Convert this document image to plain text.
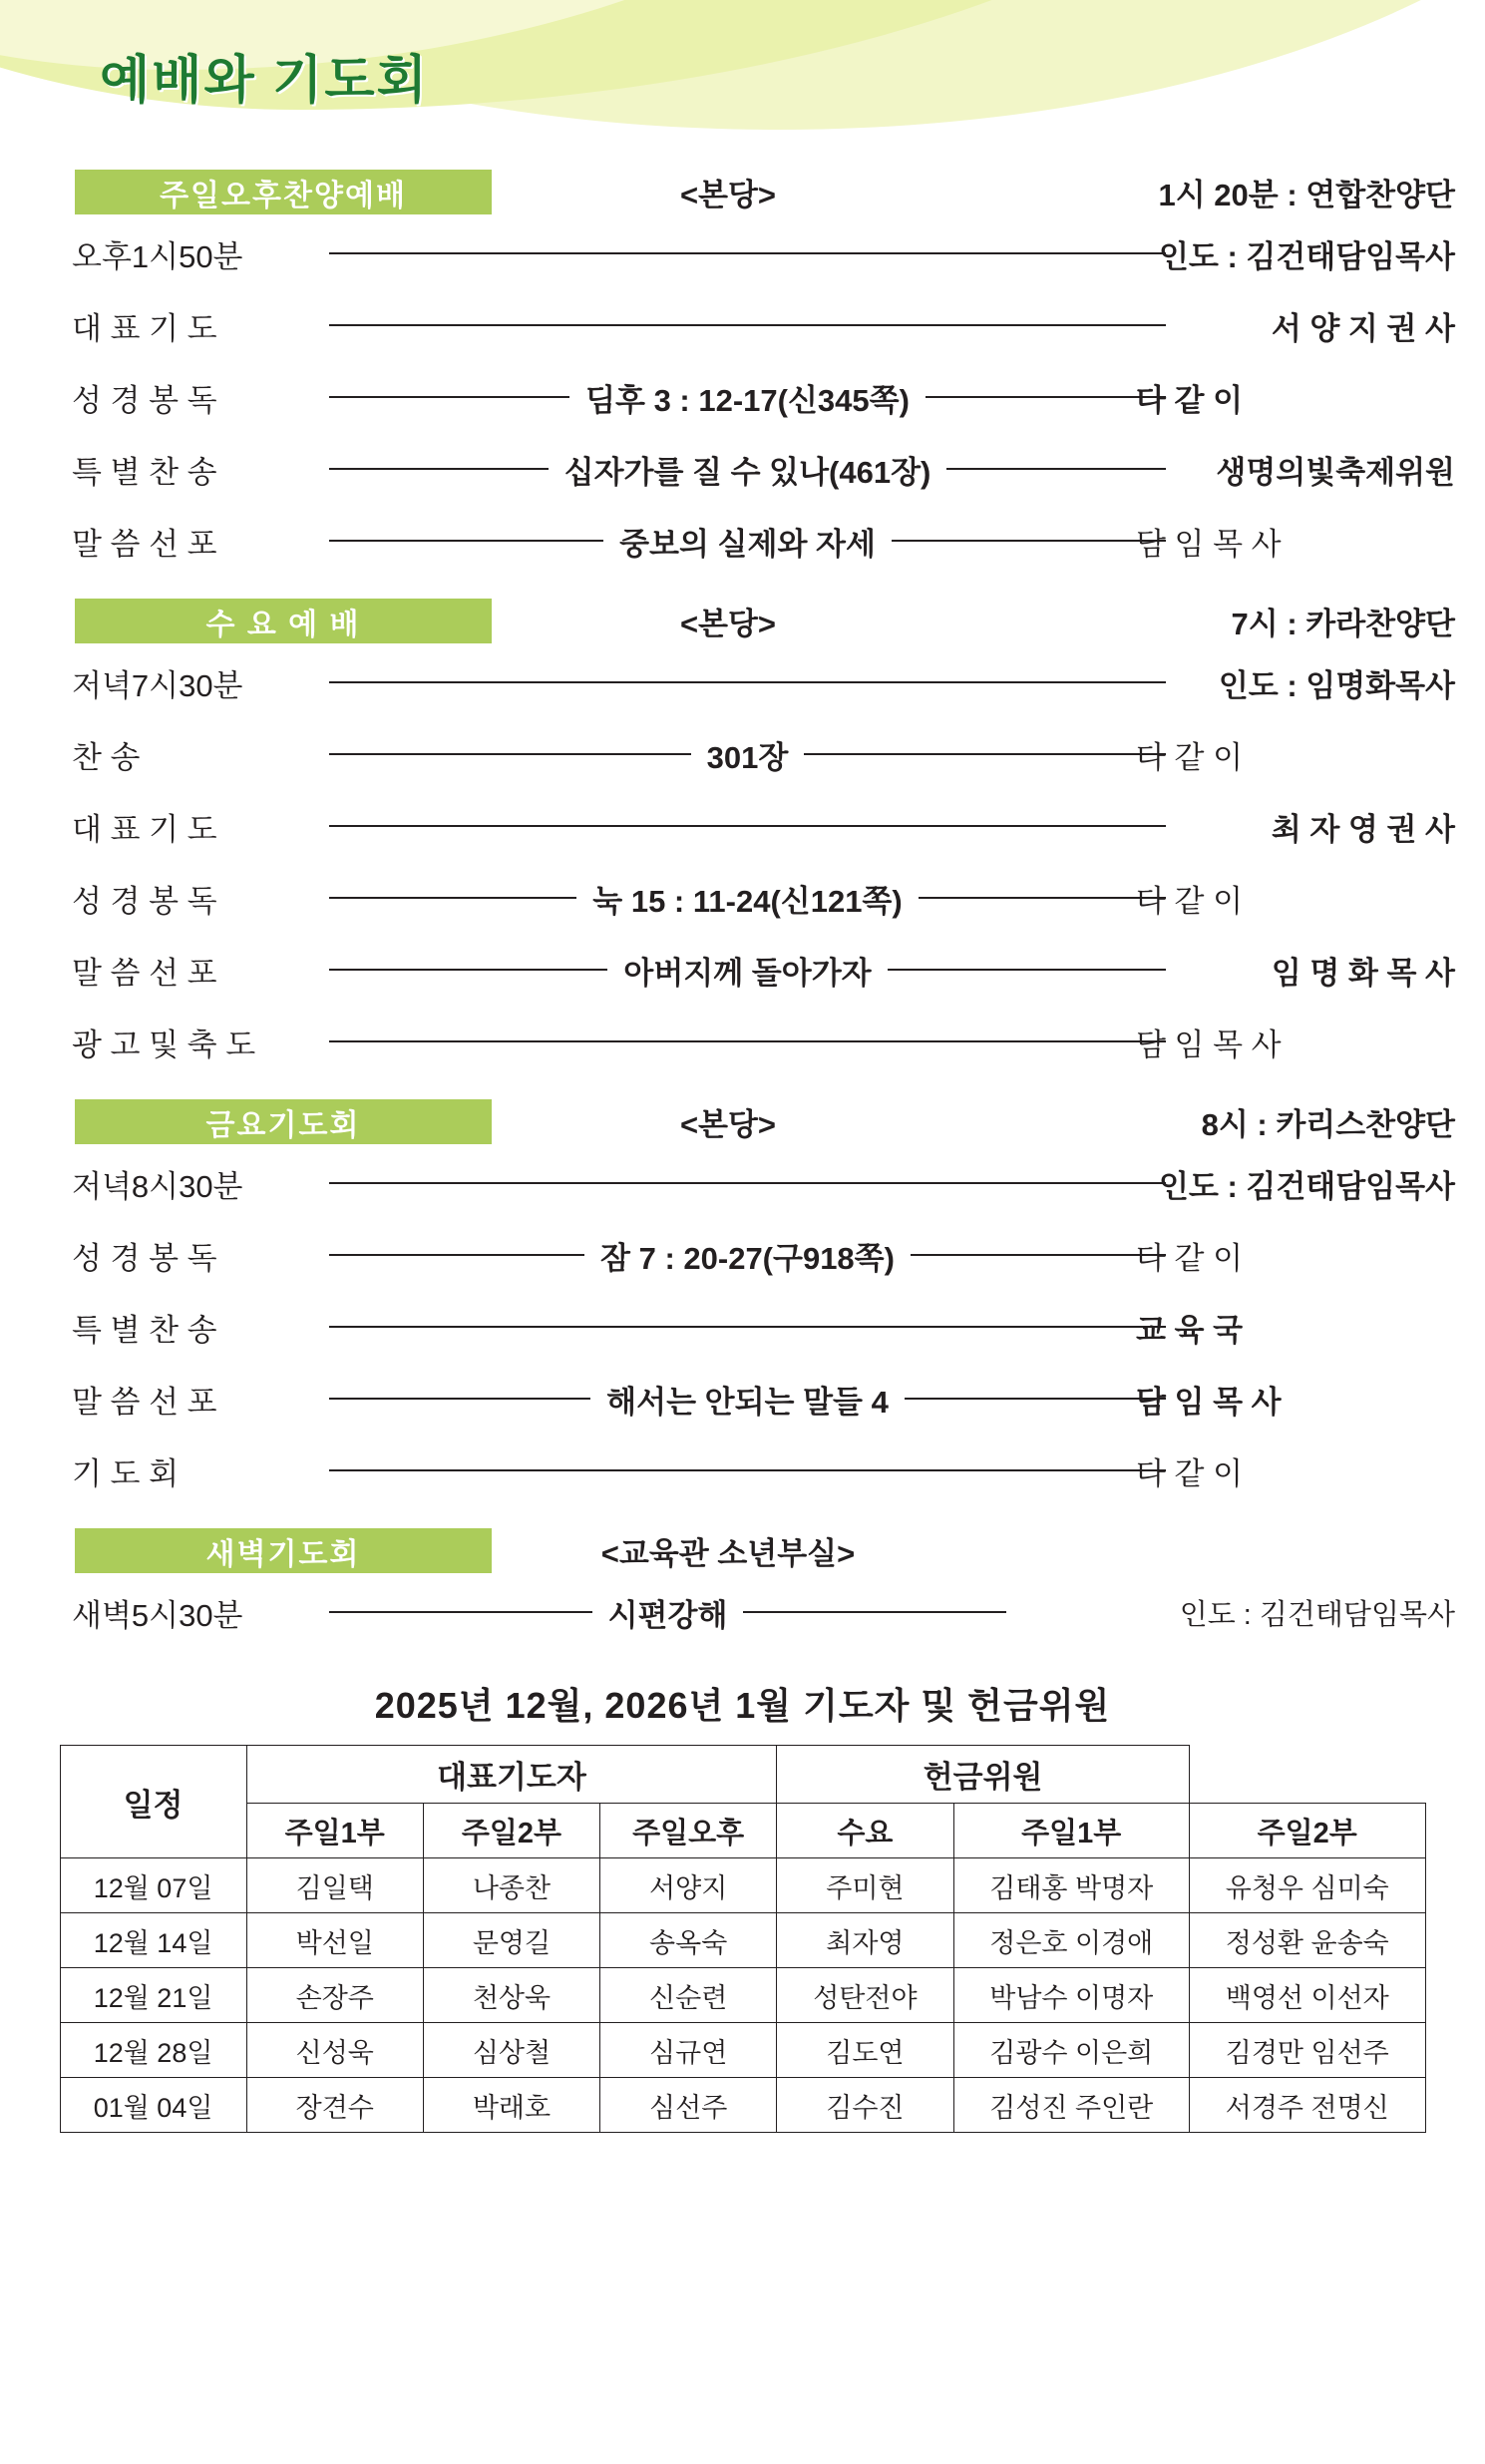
예배와 기도회
주일오후찬양예배	<본당>	1시 20분 : 연합찬양단
오후1시50분	인도 : 김건태담임목사
대 표 기 도	서 양 지 권 사
성 경 봉 독	딤후 3 : 12-17(신345쪽)	다 같 이
특 별 찬 송	십자가를 질 수 있나(461장)	생명의빛축제위원
말 씀 선 포	중보의 실제와 자세	담 임 목 사
수 요 예 배	<본당>	7시 : 카라찬양단
저녁7시30분	인도 : 임명화목사
찬 송	301장	다 같 이
대 표 기 도	최 자 영 권 사
성 경 봉 독	눅 15 : 11-24(신121쪽)	다 같 이
말 씀 선 포	아버지께 돌아가자	임 명 화 목 사
광 고 및 축 도	담 임 목 사
금요기도회	<본당>	8시 : 카리스찬양단
저녁8시30분	인도 : 김건태담임목사
성 경 봉 독	잠 7 : 20-27(구918쪽)	다 같 이
특 별 찬 송	교 육 국
말 씀 선 포	해서는 안되는 말들 4	담 임 목 사
기 도 회	다 같 이
새벽기도회	<교육관 소년부실>
새벽5시30분	시편강해	인도 : 김건태담임목사
2025년 12월, 2026년 1월 기도자 및 헌금위원
일정	대표기도자			헌금위원		
	주일1부	주일2부	주일오후	수요	주일1부	주일2부
12월 07일	김일택	나종찬	서양지	주미현	김태홍 박명자	유청우 심미숙
12월 14일	박선일	문영길	송옥숙	최자영	정은호 이경애	정성환 윤송숙
12월 21일	손장주	천상욱	신순련	성탄전야	박남수 이명자	백영선 이선자
12월 28일	신성욱	심상철	심규연	김도연	김광수 이은희	김경만 임선주
01월 04일	장견수	박래호	심선주	김수진	김성진 주인란	서경주 전명신
